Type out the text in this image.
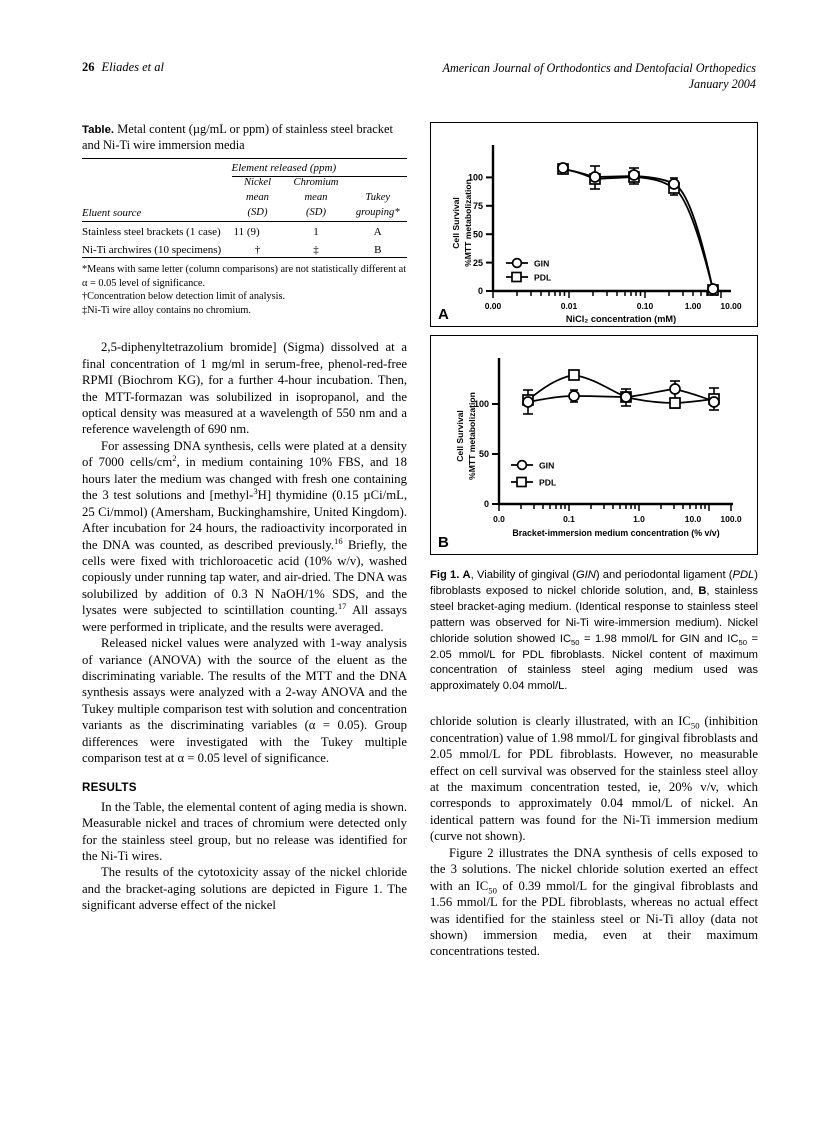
26 Eliades et al	American Journal of Orthodontics and Dentofacial Orthopedics
January 2004
Table. Metal content (µg/mL or ppm) of stainless steel bracket and Ni-Ti wire immersion media
	Element released (ppm)		
	Nickel	Chromium	
	mean	mean	Tukey
Eluent source	(SD)	(SD)	grouping*
Stainless steel brackets (1 case)	11 (9)	1	A
Ni-Ti archwires (10 specimens)	†	‡	B

*Means with same letter (column comparisons) are not statistically different at α = 0.05 level of significance.

†Concentration below detection limit of analysis.

‡Ni-Ti wire alloy contains no chromium.

2,5-diphenyltetrazolium bromide] (Sigma) dissolved at a final concentration of 1 mg/ml in serum-free, phenol-red-free RPMI (Biochrom KG), for a further 4-hour incubation. Then, the MTT-formazan was solubilized in isopropanol, and the optical density was measured at a wavelength of 550 nm and a reference wavelength of 690 nm.

For assessing DNA synthesis, cells were plated at a density of 7000 cells/$cm^2$, in medium containing 10% FBS, and 18 hours later the medium was changed with fresh one containing the 3 test solutions and [methyl-$^3$H] thymidine (0.15 µCi/mL, 25 Ci/mmol) (Amersham, Buckinghamshire, United Kingdom). After incubation for 24 hours, the radioactivity incorporated in the DNA was counted, as described previously.$^{16}$ Briefly, the cells were fixed with trichloroacetic acid (10% w/v), washed copiously under running tap water, and air-dried. The DNA was solubilized by addition of 0.3 N NaOH/1% SDS, and the lysates were subjected to scintillation counting.$^{17}$ All assays were performed in triplicate, and the results were averaged.

Released nickel values were analyzed with 1-way analysis of variance (ANOVA) with the source of the eluent as the discriminating variable. The results of the MTT and the DNA synthesis assays were analyzed with a 2-way ANOVA and the Tukey multiple comparison test with solution and concentration variants as the discriminating variables (α = 0.05). Group differences were investigated with the Tukey multiple comparison test at α = 0.05 level of significance.

RESULTS

In the Table, the elemental content of aging media is shown. Measurable nickel and traces of chromium were detected only for the stainless steel group, but no release was identified for the Ni-Ti wires.

The results of the cytotoxicity assay of the nickel chloride and the bracket-aging solutions are depicted in Figure 1. The significant adverse effect of the nickel

0
25
50
75
100
0.00	0.01	0.10	1.00 10.00
NiCl₂ concentration (mM)
Cell Survival %MTT metabolization	GIN
PDL
A
0
50
100
0.0	0.1	1.0	10.0 100.0
Bracket-immersion medium concentration (% v/v)
Cell Survival %MTT metabolization	GIN
PDL
B
Fig 1. A, Viability of gingival (GIN) and periodontal ligament (PDL) fibroblasts exposed to nickel chloride solution, and, B, stainless steel bracket-aging medium. (Identical response to stainless steel pattern was observed for Ni-Ti wire-immersion medium). Nickel chloride solution showed $IC_{50} = 1.98$ mmol/L for GIN and $IC_{50} = 2.05$ mmol/L for PDL fibroblasts. Nickel content of maximum concentration of stainless steel aging medium used was approximately 0.04 mmol/L.

chloride solution is clearly illustrated, with an $IC_{50}$ (inhibition concentration) value of 1.98 mmol/L for gingival fibroblasts and 2.05 mmol/L for PDL fibroblasts. However, no measurable effect on cell survival was observed for the stainless steel alloy at the maximum concentration tested, ie, 20% v/v, which corresponds to approximately 0.04 mmol/L of nickel. An identical pattern was found for the Ni-Ti immersion medium (curve not shown).

Figure 2 illustrates the DNA synthesis of cells exposed to the 3 solutions. The nickel chloride solution exerted an effect with an $IC_{50}$ of 0.39 mmol/L for the gingival fibroblasts and 1.56 mmol/L for the PDL fibroblasts, whereas no actual effect was identified for the stainless steel or Ni-Ti alloy (data not shown) immersion media, even at their maximum concentrations tested.
